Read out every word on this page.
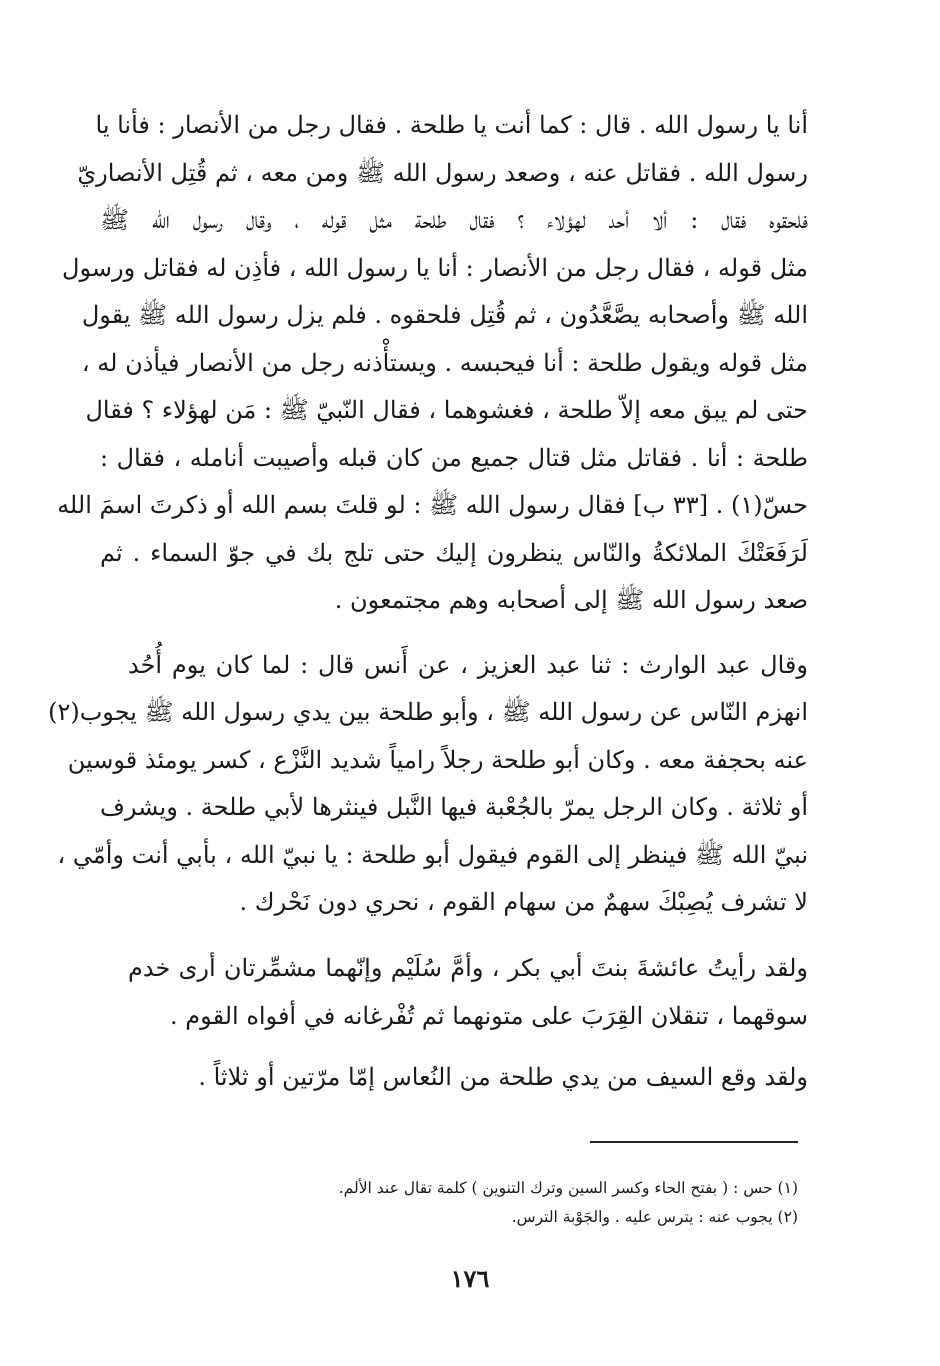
أنا يا رسول الله . قال : كما أنت يا طلحة . فقال رجل من الأنصار : فأنا يا
رسول الله . فقاتل عنه ، وصعد رسول الله ﷺ ومن معه ، ثم قُتِل الأنصاريّ
فلحقوه فقال : ألا أحد لهؤلاء ؟ فقال طلحة مثل قوله ، وقال رسول الله ﷺ
مثل قوله ، فقال رجل من الأنصار : أنا يا رسول الله ، فأذِن له فقاتل ورسول
الله ﷺ وأصحابه يصَّعَّدُون ، ثم قُتِل فلحقوه . فلم يزل رسول الله ﷺ يقول
مثل قوله ويقول طلحة : أنا فيحبسه . ويستأْذنه رجل من الأنصار فيأذن له ،
حتى لم يبق معه إلاّ طلحة ، فغشوهما ، فقال النّبيّ ﷺ : مَن لهؤلاء ؟ فقال
طلحة : أنا . فقاتل مثل قتال جميع من كان قبله وأصيبت أنامله ، فقال :
حسّ(١) . [٣٣ ب] فقال رسول الله ﷺ : لو قلتَ بسم الله أو ذكرتَ اسمَ الله
لَرَفَعَتْكَ الملائكةُ والنّاس ينظرون إليك حتى تلج بك في جوّ السماء . ثم
صعد رسول الله ﷺ إلى أصحابه وهم مجتمعون .
وقال عبد الوارث : ثنا عبد العزيز ، عن أَنس قال : لما كان يوم أُحُد
انهزم النّاس عن رسول الله ﷺ ، وأبو طلحة بين يدي رسول الله ﷺ يجوب(٢)
عنه بحجفة معه . وكان أبو طلحة رجلاً رامياً شديد النَّزْع ، كسر يومئذ قوسين
أو ثلاثة . وكان الرجل يمرّ بالجُعْبة فيها النَّبل فينثرها لأبي طلحة . ويشرف
نبيّ الله ﷺ فينظر إلى القوم فيقول أبو طلحة : يا نبيّ الله ، بأبي أنت وأمّي ،
لا تشرف يُصِبْكَ سهمٌ من سهام القوم ، نحري دون نَحْرك .
ولقد رأيتُ عائشةَ بنتَ أبي بكر ، وأمَّ سُلَيْم وإنّهما مشمِّرتان أرى خدم
سوقهما ، تنقلان القِرَبَ على متونهما ثم تُفْرغانه في أفواه القوم .
ولقد وقع السيف من يدي طلحة من النُعاس إمّا مرّتين أو ثلاثاً .
(١) حس : ( بفتح الحاء وكسر السين وترك التنوين ) كلمة تقال عند الألم.
(٢) يجوب عنه : يترس عليه . والجَوْبة الترس.
١٧٦
